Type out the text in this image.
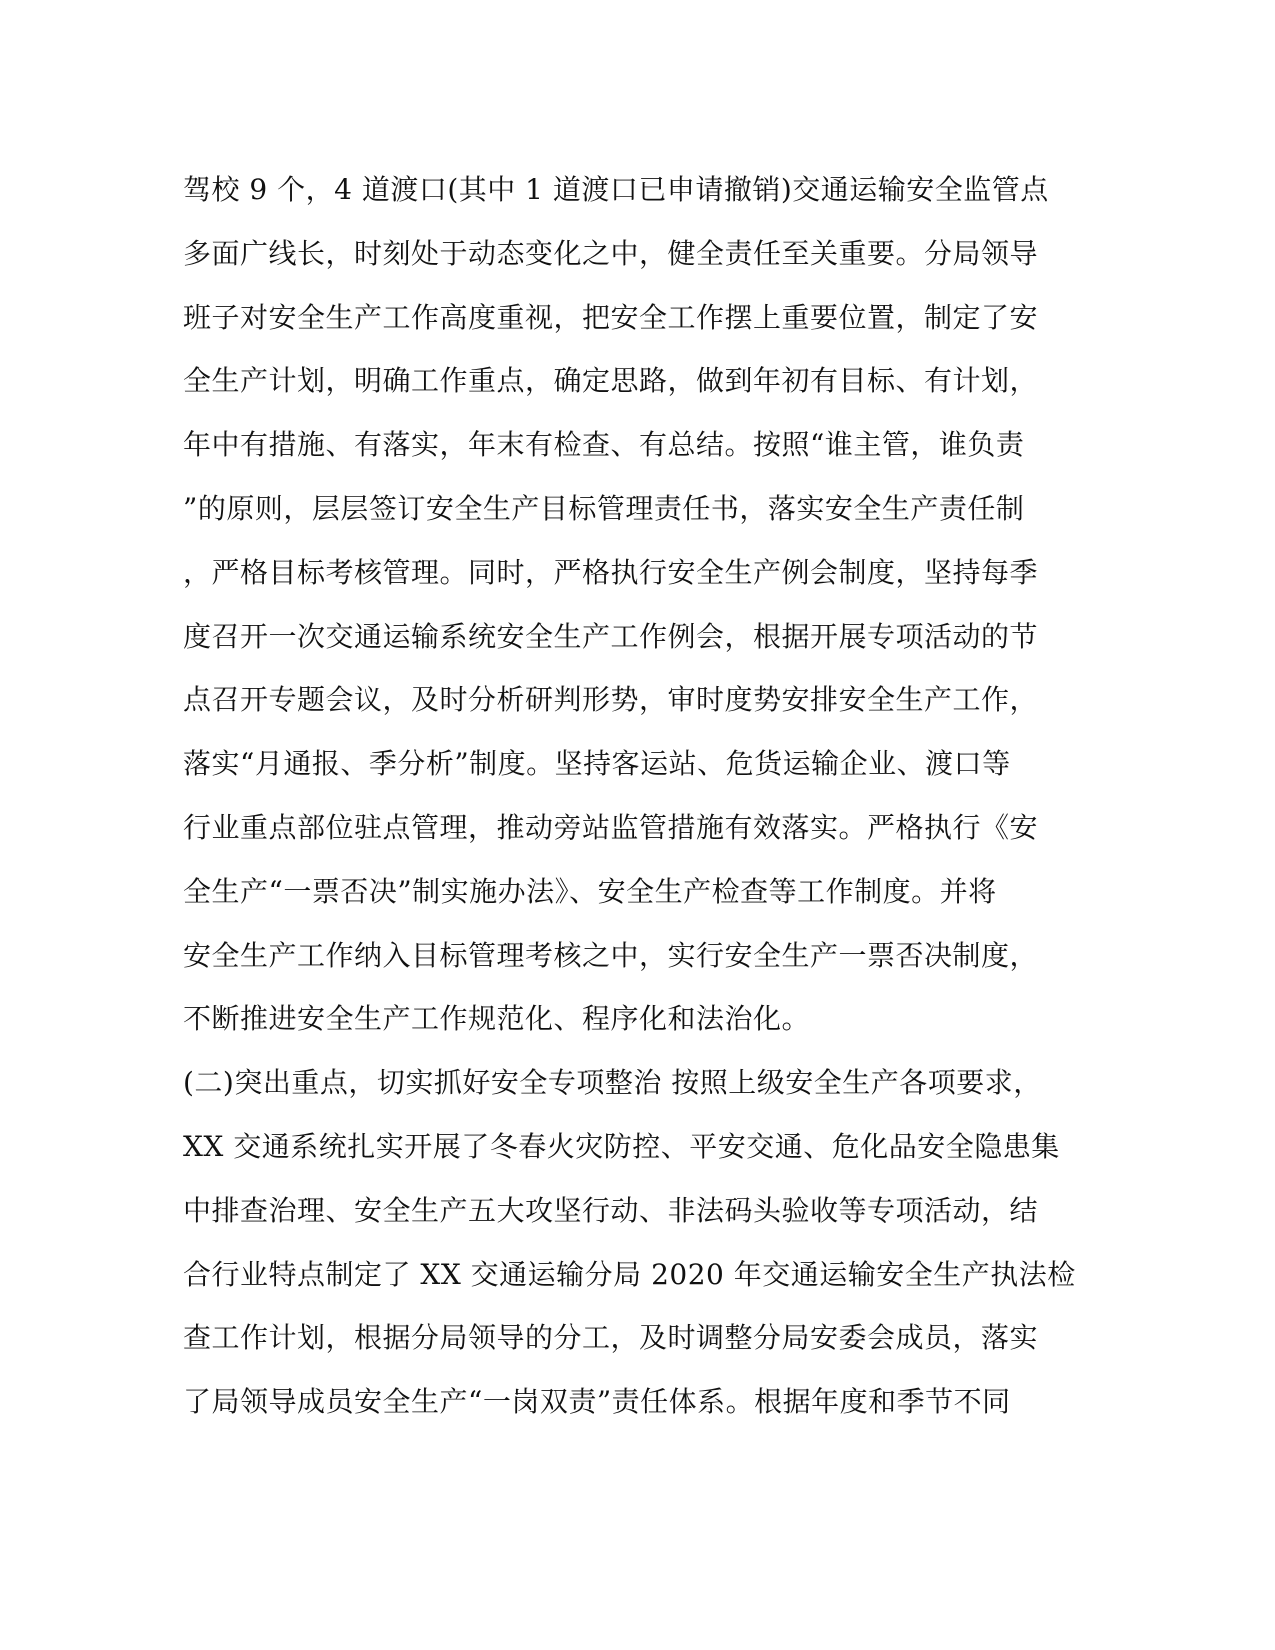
驾校 9 个，4 道渡口(其中 1 道渡口已申请撤销)交通运输安全监管点
多面广线长，时刻处于动态变化之中，健全责任至关重要。分局领导
班子对安全生产工作高度重视，把安全工作摆上重要位置，制定了安
全生产计划，明确工作重点，确定思路，做到年初有目标、有计划，
年中有措施、有落实，年末有检查、有总结。按照“谁主管，谁负责
”的原则，层层签订安全生产目标管理责任书，落实安全生产责任制
，严格目标考核管理。同时，严格执行安全生产例会制度，坚持每季
度召开一次交通运输系统安全生产工作例会，根据开展专项活动的节
点召开专题会议，及时分析研判形势，审时度势安排安全生产工作，
落实“月通报、季分析”制度。坚持客运站、危货运输企业、渡口等
行业重点部位驻点管理，推动旁站监管措施有效落实。严格执行《安
全生产“一票否决”制实施办法》、安全生产检查等工作制度。并将
安全生产工作纳入目标管理考核之中，实行安全生产一票否决制度，
不断推进安全生产工作规范化、程序化和法治化。
(二)突出重点，切实抓好安全专项整治 按照上级安全生产各项要求，
XX 交通系统扎实开展了冬春火灾防控、平安交通、危化品安全隐患集
中排查治理、安全生产五大攻坚行动、非法码头验收等专项活动，结
合行业特点制定了 XX 交通运输分局 2020 年交通运输安全生产执法检
查工作计划，根据分局领导的分工，及时调整分局安委会成员，落实
了局领导成员安全生产“一岗双责”责任体系。根据年度和季节不同
